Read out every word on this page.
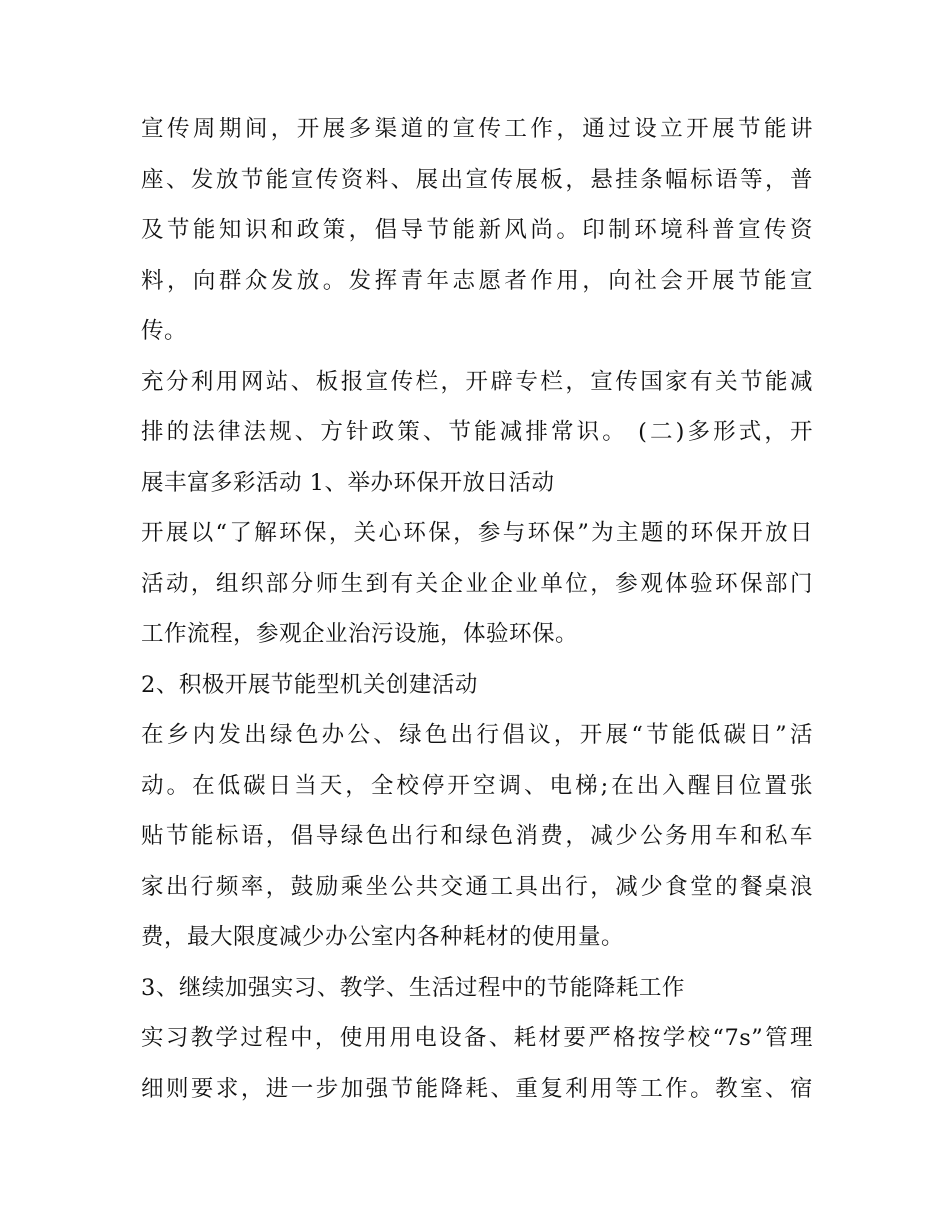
宣传周期间，开展多渠道的宣传工作，通过设立开展节能讲
座、发放节能宣传资料、展出宣传展板，悬挂条幅标语等，普
及节能知识和政策，倡导节能新风尚。印制环境科普宣传资
料，向群众发放。发挥青年志愿者作用，向社会开展节能宣
传。

充分利用网站、板报宣传栏，开辟专栏，宣传国家有关节能减
排的法律法规、方针政策、节能减排常识。 (二)多形式，开
展丰富多彩活动 1、举办环保开放日活动

开展以“了解环保，关心环保，参与环保”为主题的环保开放日
活动，组织部分师生到有关企业企业单位，参观体验环保部门
工作流程，参观企业治污设施，体验环保。

2、积极开展节能型机关创建活动

在乡内发出绿色办公、绿色出行倡议，开展“节能低碳日”活
动。在低碳日当天，全校停开空调、电梯;在出入醒目位置张
贴节能标语，倡导绿色出行和绿色消费，减少公务用车和私车
家出行频率，鼓励乘坐公共交通工具出行，减少食堂的餐桌浪
费，最大限度减少办公室内各种耗材的使用量。

3、继续加强实习、教学、生活过程中的节能降耗工作

实习教学过程中，使用用电设备、耗材要严格按学校“7s”管理
细则要求，进一步加强节能降耗、重复利用等工作。教室、宿
